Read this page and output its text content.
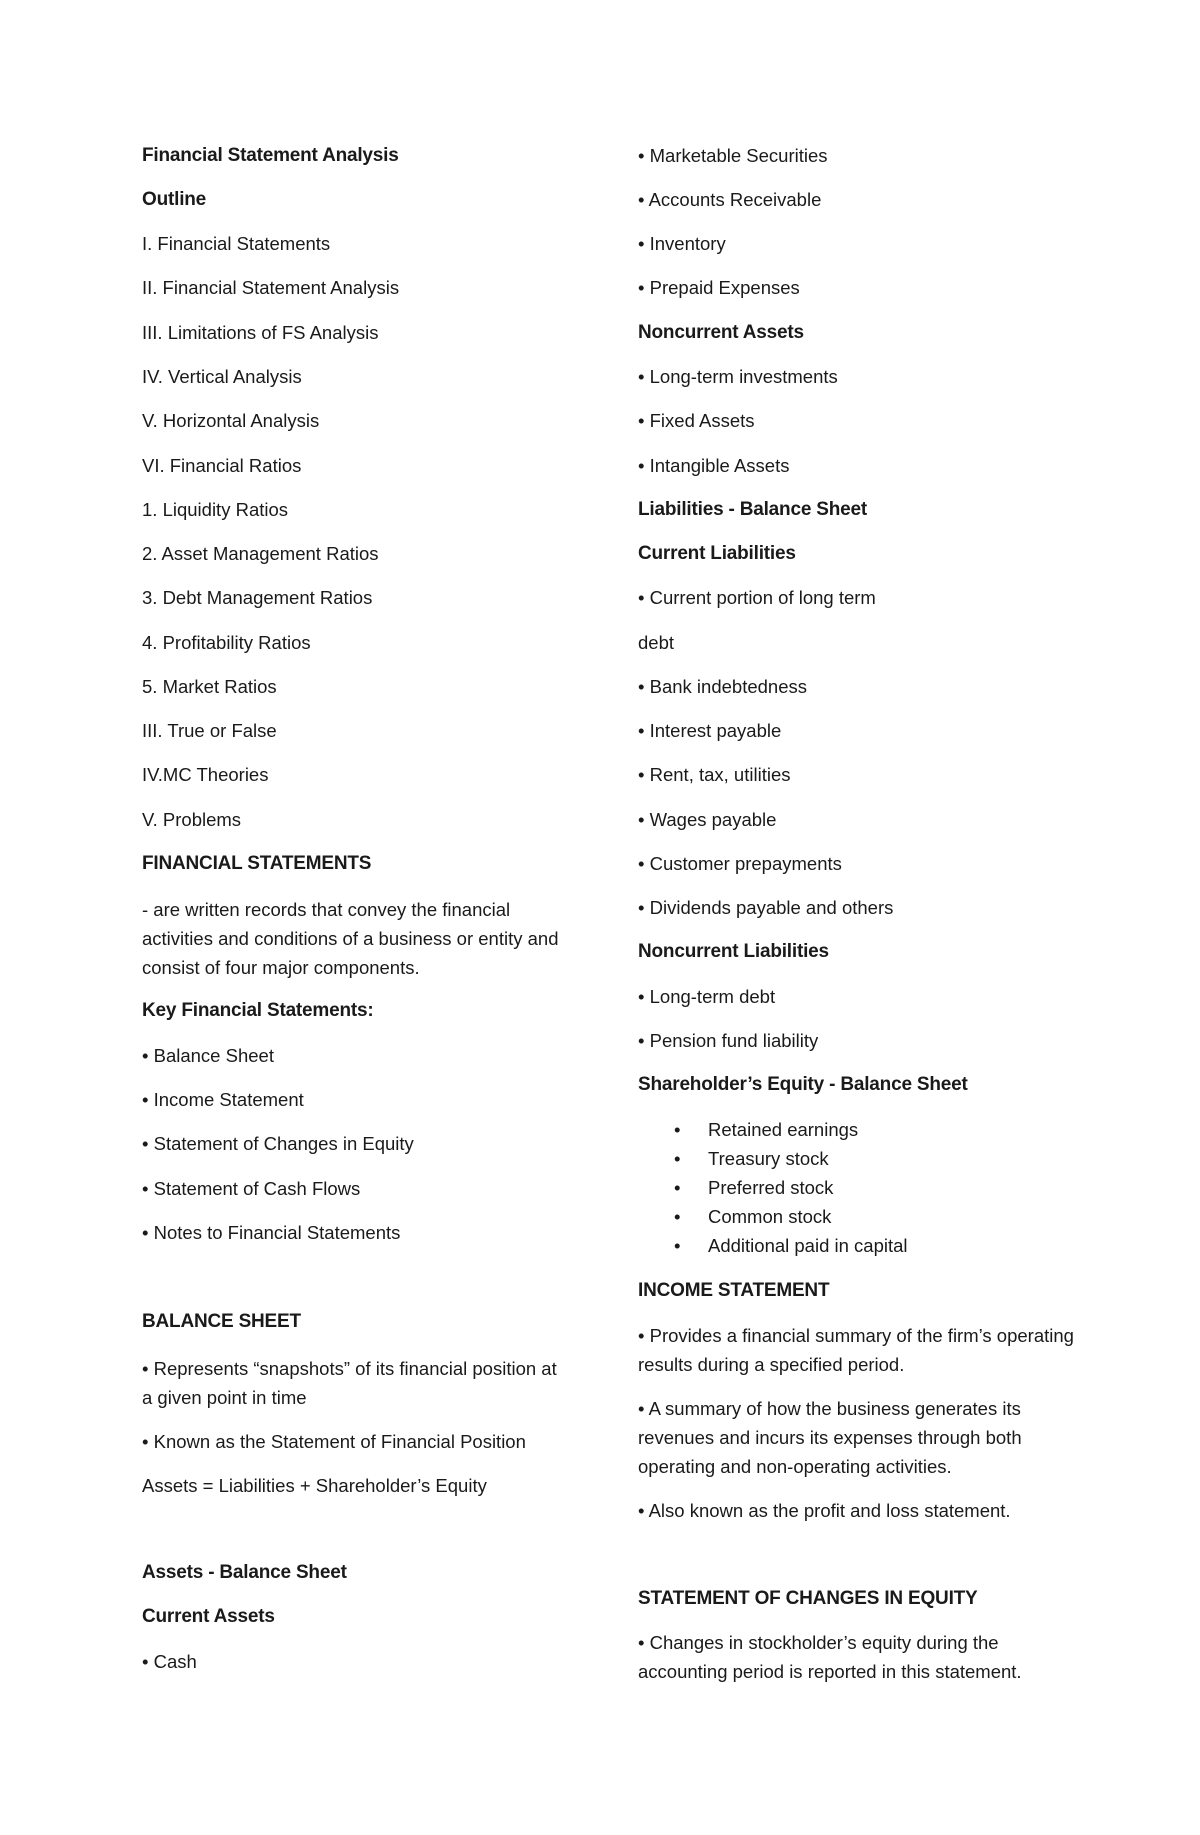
Financial Statement Analysis

Outline

I. Financial Statements

II. Financial Statement Analysis

III. Limitations of FS Analysis

IV. Vertical Analysis

V. Horizontal Analysis

VI. Financial Ratios

1. Liquidity Ratios

2. Asset Management Ratios

3. Debt Management Ratios

4. Profitability Ratios

5. Market Ratios

III. True or False

IV.MC Theories

V. Problems

FINANCIAL STATEMENTS

- are written records that convey the financial activities and conditions of a business or entity and consist of four major components.

Key Financial Statements:

• Balance Sheet

• Income Statement

• Statement of Changes in Equity

• Statement of Cash Flows

• Notes to Financial Statements

BALANCE SHEET

• Represents “snapshots” of its financial position at a given point in time

• Known as the Statement of Financial Position

Assets = Liabilities + Shareholder’s Equity

Assets - Balance Sheet

Current Assets

• Cash

• Marketable Securities

• Accounts Receivable

• Inventory

• Prepaid Expenses

Noncurrent Assets

• Long-term investments

• Fixed Assets

• Intangible Assets

Liabilities - Balance Sheet

Current Liabilities

• Current portion of long term

debt

• Bank indebtedness

• Interest payable

• Rent, tax, utilities

• Wages payable

• Customer prepayments

• Dividends payable and others

Noncurrent Liabilities

• Long-term debt

• Pension fund liability

Shareholder’s Equity - Balance Sheet

• Retained earnings
• Treasury stock
• Preferred stock
• Common stock
• Additional paid in capital

INCOME STATEMENT

• Provides a financial summary of the firm’s operating results during a specified period.

• A summary of how the business generates its revenues and incurs its expenses through both operating and non-operating activities.

• Also known as the profit and loss statement.

STATEMENT OF CHANGES IN EQUITY

• Changes in stockholder’s equity during the accounting period is reported in this statement.
